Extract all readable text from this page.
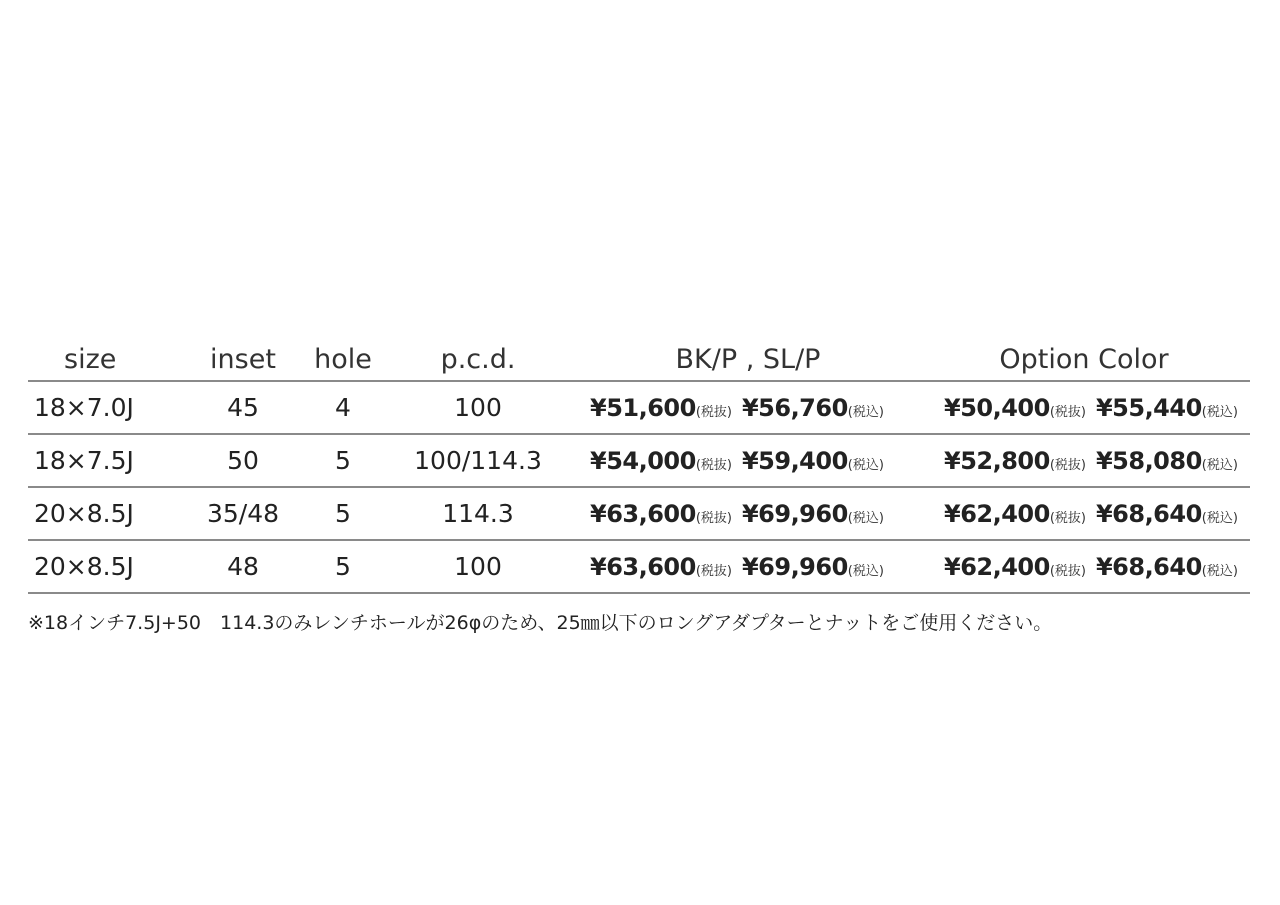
size	inset	hole	p.c.d.	BK/P , SL/P	Option Color
18×7.0J	45	4	100	¥51,600(税抜) ¥56,760(税込)	¥50,400(税抜) ¥55,440(税込)
18×7.5J	50	5	100/114.3	¥54,000(税抜) ¥59,400(税込)	¥52,800(税抜) ¥58,080(税込)
20×8.5J	35/48	5	114.3	¥63,600(税抜) ¥69,960(税込)	¥62,400(税抜) ¥68,640(税込)
20×8.5J	48	5	100	¥63,600(税抜) ¥69,960(税込)	¥62,400(税抜) ¥68,640(税込)
※18インチ7.5J+50　114.3のみレンチホールが26φのため、25㎜以下のロングアダプターとナットをご使用ください。
